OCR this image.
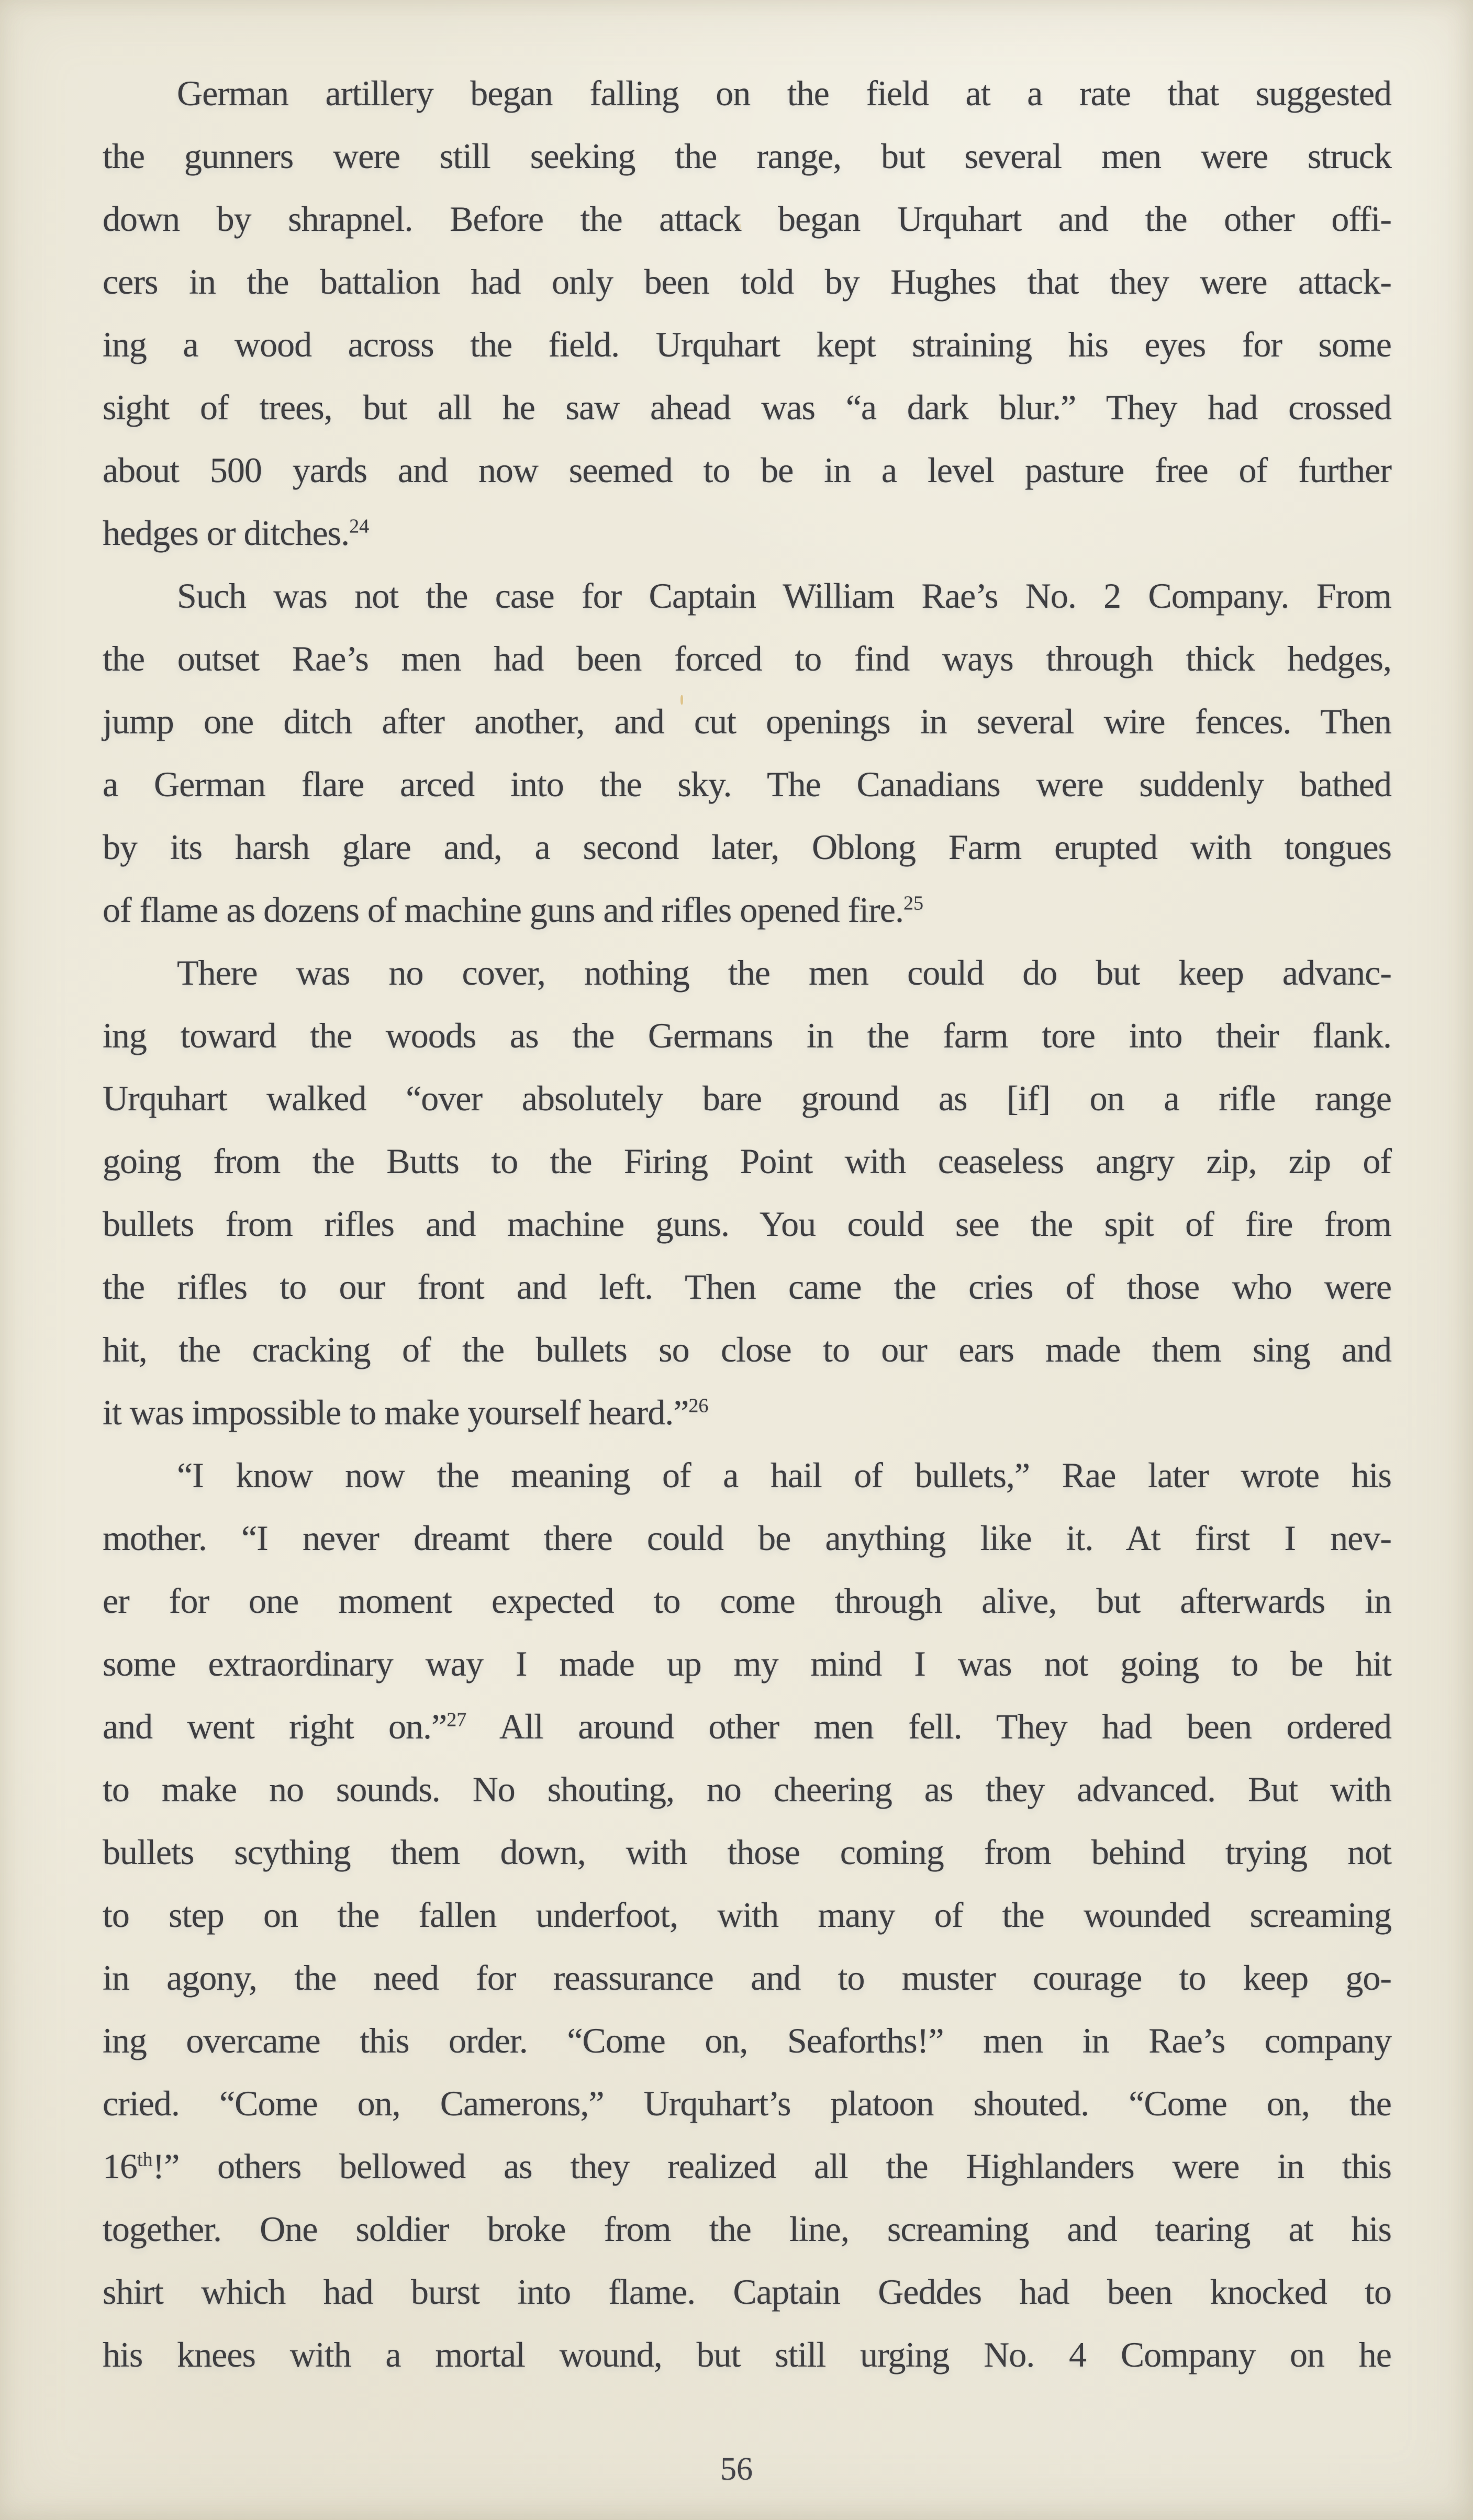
German artillery began falling on the field at a rate that suggested
the gunners were still seeking the range, but several men were struck
down by shrapnel. Before the attack began Urquhart and the other offi-
cers in the battalion had only been told by Hughes that they were attack-
ing a wood across the field. Urquhart kept straining his eyes for some
sight of trees, but all he saw ahead was “a dark blur.” They had crossed
about 500 yards and now seemed to be in a level pasture free of further
hedges or ditches.$^{24}$
Such was not the case for Captain William Rae’s No. 2 Company. From
the outset Rae’s men had been forced to find ways through thick hedges,
jump one ditch after another, and cut openings in several wire fences. Then
a German flare arced into the sky. The Canadians were suddenly bathed
by its harsh glare and, a second later, Oblong Farm erupted with tongues
of flame as dozens of machine guns and rifles opened fire.$^{25}$
There was no cover, nothing the men could do but keep advanc-
ing toward the woods as the Germans in the farm tore into their flank.
Urquhart walked “over absolutely bare ground as [if] on a rifle range
going from the Butts to the Firing Point with ceaseless angry zip, zip of
bullets from rifles and machine guns. You could see the spit of fire from
the rifles to our front and left. Then came the cries of those who were
hit, the cracking of the bullets so close to our ears made them sing and
it was impossible to make yourself heard.”$^{26}$
“I know now the meaning of a hail of bullets,” Rae later wrote his
mother. “I never dreamt there could be anything like it. At first I nev-
er for one moment expected to come through alive, but afterwards in
some extraordinary way I made up my mind I was not going to be hit
and went right on.”$^{27}$ All around other men fell. They had been ordered
to make no sounds. No shouting, no cheering as they advanced. But with
bullets scything them down, with those coming from behind trying not
to step on the fallen underfoot, with many of the wounded screaming
in agony, the need for reassurance and to muster courage to keep go-
ing overcame this order. “Come on, Seaforths!” men in Rae’s company
cried. “Come on, Camerons,” Urquhart’s platoon shouted. “Come on, the
16th!” others bellowed as they realized all the Highlanders were in this
together. One soldier broke from the line, screaming and tearing at his
shirt which had burst into flame. Captain Geddes had been knocked to
his knees with a mortal wound, but still urging No. 4 Company on he
56
